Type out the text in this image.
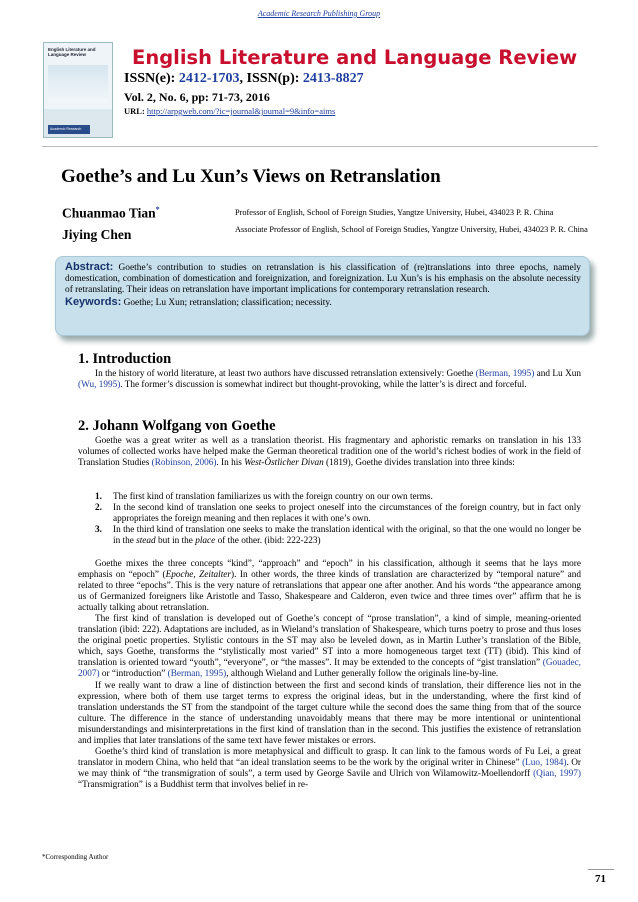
Academic Research Publishing Group
English Literature and Language Review
Academic Research
English Literature and Language Review
ISSN(e): 2412-1703, ISSN(p): 2413-8827
Vol. 2, No. 6, pp: 71-73, 2016
URL: http://arpgweb.com/?ic=journal&journal=9&info=aims
Goethe’s and Lu Xun’s Views on Retranslation
Chuanmao Tian*	Professor of English, School of Foreign Studies, Yangtze University, Hubei, 434023 P. R. China
Jiying Chen	Associate Professor of English, School of Foreign Studies, Yangtze University, Hubei, 434023 P. R. China
Abstract: Goethe’s contribution to studies on retranslation is his classification of (re)translations into three epochs, namely domestication, combination of domestication and foreignization, and foreignization. Lu Xun’s is his emphasis on the absolute necessity of retranslating. Their ideas on retranslation have important implications for contemporary retranslation research.
Keywords: Goethe; Lu Xun; retranslation; classification; necessity.
1. Introduction

In the history of world literature, at least two authors have discussed retranslation extensively: Goethe (Berman, 1995) and Lu Xun (Wu, 1995). The former’s discussion is somewhat indirect but thought-provoking, while the latter’s is direct and forceful.

2. Johann Wolfgang von Goethe

Goethe was a great writer as well as a translation theorist. His fragmentary and aphoristic remarks on translation in his 133 volumes of collected works have helped make the German theoretical tradition one of the world’s richest bodies of work in the field of Translation Studies (Robinson, 2006). In his West-Östlicher Divan (1819), Goethe divides translation into three kinds:

1. The first kind of translation familiarizes us with the foreign country on our own terms.
2. In the second kind of translation one seeks to project oneself into the circumstances of the foreign country, but in fact only appropriates the foreign meaning and then replaces it with one’s own.
3. In the third kind of translation one seeks to make the translation identical with the original, so that the one would no longer be in the stead but in the place of the other. (ibid: 222-223)

Goethe mixes the three concepts “kind”, “approach” and “epoch” in his classification, although it seems that he lays more emphasis on “epoch” (Epoche, Zeitalter). In other words, the three kinds of translation are characterized by “temporal nature” and related to three “epochs”. This is the very nature of retranslations that appear one after another. And his words “the appearance among us of Germanized foreigners like Aristotle and Tasso, Shakespeare and Calderon, even twice and three times over” affirm that he is actually talking about retranslation.

The first kind of translation is developed out of Goethe’s concept of “prose translation”, a kind of simple, meaning-oriented translation (ibid: 222). Adaptations are included, as in Wieland’s translation of Shakespeare, which turns poetry to prose and thus loses the original poetic properties. Stylistic contours in the ST may also be leveled down, as in Martin Luther’s translation of the Bible, which, says Goethe, transforms the “stylistically most varied” ST into a more homogeneous target text (TT) (ibid). This kind of translation is oriented toward “youth”, “everyone”, or “the masses”. It may be extended to the concepts of “gist translation” (Gouadec, 2007) or “introduction” (Berman, 1995), although Wieland and Luther generally follow the originals line-by-line.

If we really want to draw a line of distinction between the first and second kinds of translation, their difference lies not in the expression, where both of them use target terms to express the original ideas, but in the understanding, where the first kind of translation understands the ST from the standpoint of the target culture while the second does the same thing from that of the source culture. The difference in the stance of understanding unavoidably means that there may be more intentional or unintentional misunderstandings and misinterpretations in the first kind of translation than in the second. This justifies the existence of retranslation and implies that later translations of the same text have fewer mistakes or errors.

Goethe’s third kind of translation is more metaphysical and difficult to grasp. It can link to the famous words of Fu Lei, a great translator in modern China, who held that “an ideal translation seems to be the work by the original writer in Chinese” (Luo, 1984). Or we may think of “the transmigration of souls”, a term used by George Savile and Ulrich von Wilamowitz-Moellendorff (Qian, 1997) “Transmigration” is a Buddhist term that involves belief in re-

*Corresponding Author
71
